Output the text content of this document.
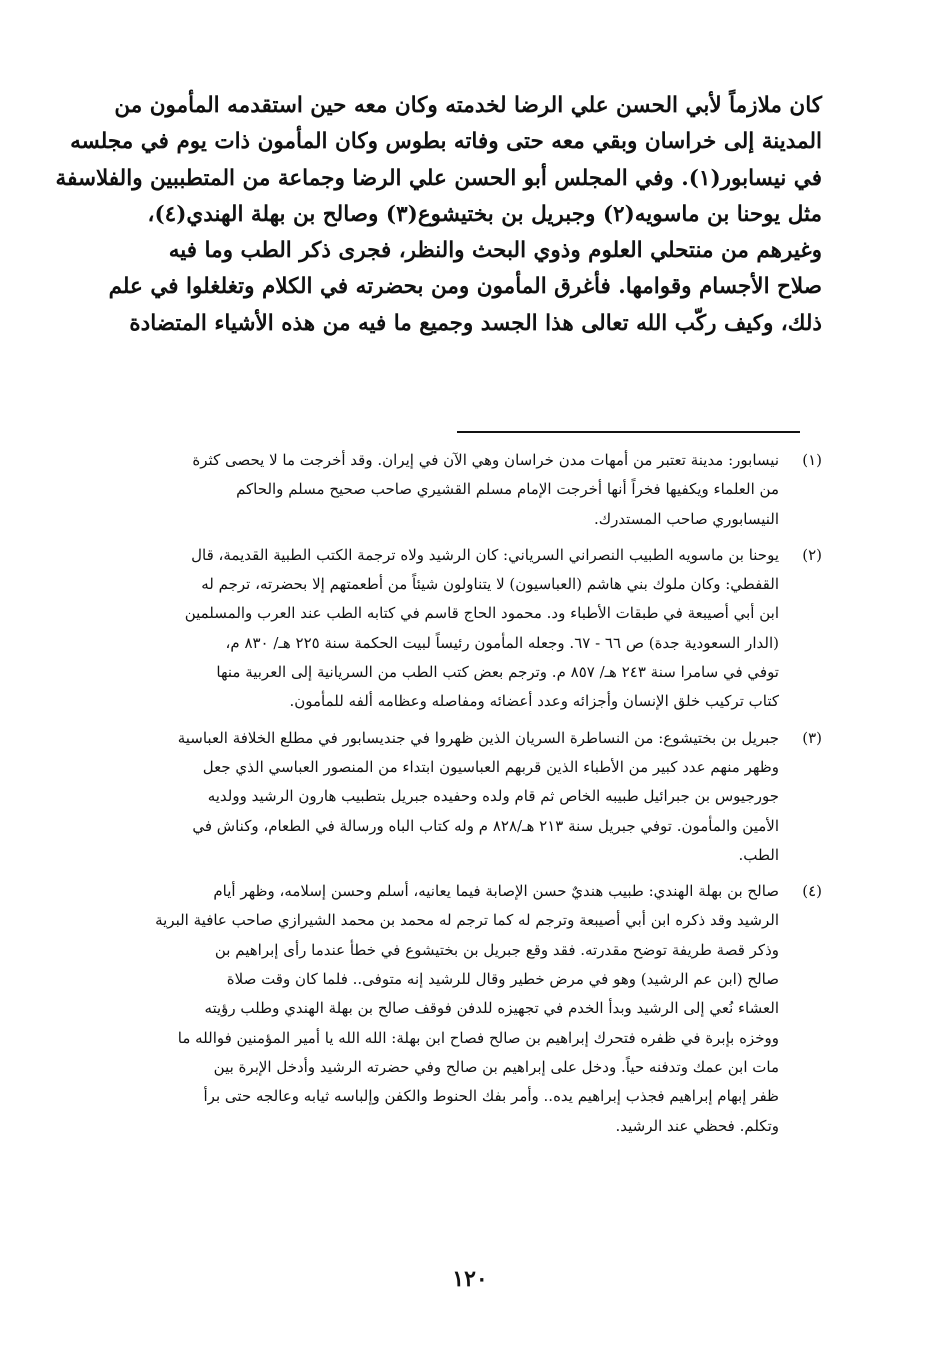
كان ملازماً لأبي الحسن علي الرضا لخدمته وكان معه حين استقدمه المأمون من
المدينة إلى خراسان وبقي معه حتى وفاته بطوس وكان المأمون ذات يوم في مجلسه
في نيسابور(١). وفي المجلس أبو الحسن علي الرضا وجماعة من المتطببين والفلاسفة
مثل يوحنا بن ماسويه(٢) وجبريل بن بختيشوع(٣) وصالح بن بهلة الهندي(٤)،
وغيرهم من منتحلي العلوم وذوي البحث والنظر، فجرى ذكر الطب وما فيه
صلاح الأجسام وقوامها. فأغرق المأمون ومن بحضرته في الكلام وتغلغلوا في علم
ذلك، وكيف ركّب الله تعالى هذا الجسد وجميع ما فيه من هذه الأشياء المتضادة
(١)
نيسابور: مدينة تعتبر من أمهات مدن خراسان وهي الآن في إيران. وقد أخرجت ما لا يحصى كثرة
من العلماء ويكفيها فخراً أنها أخرجت الإمام مسلم القشيري صاحب صحيح مسلم والحاكم
النيسابوري صاحب المستدرك.
(٢)
يوحنا بن ماسويه الطبيب النصراني السرياني: كان الرشيد ولاه ترجمة الكتب الطبية القديمة، قال
القفطي: وكان ملوك بني هاشم (العباسيون) لا يتناولون شيئاً من أطعمتهم إلا بحضرته، ترجم له
ابن أبي أصيبعة في طبقات الأطباء ود. محمود الحاج قاسم في كتابه الطب عند العرب والمسلمين
(الدار السعودية جدة) ص ٦٦ - ٦٧. وجعله المأمون رئيساً لبيت الحكمة سنة ٢٢٥ هـ/ ٨٣٠ م،
توفي في سامرا سنة ٢٤٣ هـ/ ٨٥٧ م. وترجم بعض كتب الطب من السريانية إلى العربية منها
كتاب تركيب خلق الإنسان وأجزائه وعدد أعضائه ومفاصله وعظامه ألفه للمأمون.
(٣)
جبريل بن بختيشوع: من النساطرة السريان الذين ظهروا في جنديسابور في مطلع الخلافة العباسية
وظهر منهم عدد كبير من الأطباء الذين قربهم العباسيون ابتداء من المنصور العباسي الذي جعل
جورجيوس بن جبرائيل طبيبه الخاص ثم قام ولده وحفيده جبريل بتطبيب هارون الرشيد وولديه
الأمين والمأمون. توفي جبريل سنة ٢١٣ هـ/٨٢٨ م وله كتاب الباه ورسالة في الطعام، وكناش في
الطب.
(٤)
صالح بن بهلة الهندي: طبيب هنديٌ حسن الإصابة فيما يعانيه، أسلم وحسن إسلامه، وظهر أيام
الرشيد وقد ذكره ابن أبي أصيبعة وترجم له كما ترجم له محمد بن محمد الشيرازي صاحب عافية البرية
وذكر قصة طريفة توضح مقدرته. فقد وقع جبريل بن بختيشوع في خطأ عندما رأى إبراهيم بن
صالح (ابن عم الرشيد) وهو في مرض خطير وقال للرشيد إنه متوفى.. فلما كان وقت صلاة
العشاء نُعي إلى الرشيد وبدأ الخدم في تجهيزه للدفن فوقف صالح بن بهلة الهندي وطلب رؤيته
ووخزه بإبرة في ظفره فتحرك إبراهيم بن صالح فصاح ابن بهلة: الله الله يا أمير المؤمنين فوالله ما
مات ابن عمك وتدفنه حياً. ودخل على إبراهيم بن صالح وفي حضرته الرشيد وأدخل الإبرة بين
ظفر إبهام إبراهيم فجذب إبراهيم يده.. وأمر بفك الحنوط والكفن وإلباسه ثيابه وعالجه حتى برأ
وتكلم. فحظي عند الرشيد.
١٢٠
